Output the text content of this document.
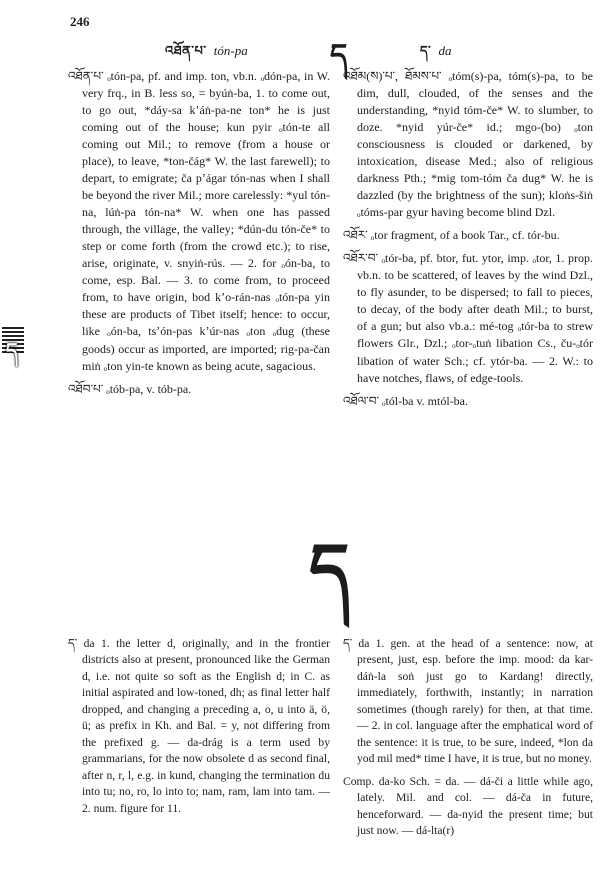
246
འཐོན་པ་ tón-pa	ད	ད་ da
ད

འཐོན་པ་ ₒtón-pa, pf. and imp. ton, vb.n. ₒdón-pa, in W. very frq., in B. less so, = byúṅ-ba, 1. to come out, to go out, *dáy-sa kʼáṅ-pa-ne ton* he is just coming out of the house; kun pyir ₒtón-te all coming out Mil.; to remove (from a house or place), to leave, *ton-čág* W. the last farewell); to depart, to emigrate; ča pʼágar tón-nas when I shall be beyond the river Mil.; more carelessly: *yul tón-na, lúṅ-pa tón-na* W. when one has passed through, the village, the valley; *dún-du tón-če* to step or come forth (from the crowd etc.); to rise, arise, originate, v. snyiṅ-rús. — 2. for ₒón-ba, to come, esp. Bal. — 3. to come from, to proceed from, to have origin, bod kʼo-rán-nas ₒtón-pa yin these are products of Tibet itself; hence: to occur, like ₒón-ba, tsʼón-pas kʼúr-nas ₒton ₒdug (these goods) occur as imported, are imported; rig-pa-čan miṅ ₒton yin-te known as being acute, sagacious.

འཐོབ་པ་ ₒtób-pa, v. tób-pa.

འཐོམ(ས)་པ་, ཐོམས་པ་ ₒtóm(s)-pa, tóm(s)-pa, to be dim, dull, clouded, of the senses and the understanding, *nyid tóm-če* W. to slumber, to doze. *nyid yúr-če* id.; mgo-(bo) ₒton consciousness is clouded or darkened, by intoxication, disease Med.; also of religious darkness Pth.; *mig tom-tóm ča dug* W. he is dazzled (by the brightness of the sun); kloṅs-šiṅ ₒtóms-par gyur having become blind Dzl.

འཐོར་ ₒtor fragment, of a book Tar., cf. tór-bu.

འཐོར་བ་ ₒtór-ba, pf. btor, fut. ytor, imp. ₒtor, 1. prop. vb.n. to be scattered, of leaves by the wind Dzl., to fly asunder, to be dispersed; to fall to pieces, to decay, of the body after death Mil.; to burst, of a gun; but also vb.a.: mé-tog ₒtór-ba to strew flowers Glr., Dzl.; ₒtor-ₒtuṅ libation Cs., ču-ₒtór libation of water Sch.; cf. ytór-ba. — 2. W.: to have notches, flaws, of edge-tools.

འཐོལ་བ་ ₒtól-ba v. mtól-ba.

ད

ད་ da 1. the letter d, originally, and in the frontier districts also at present, pronounced like the German d, i.e. not quite so soft as the English d; in C. as initial aspirated and low-toned, dh; as final letter half dropped, and changing a preceding a, o, u into ä, ö, ü; as prefix in Kh. and Bal. = y, not differing from the prefixed g. — da-drág is a term used by grammarians, for the now obsolete d as second final, after n, r, l, e.g. in kund, changing the termination du into tu; no, ro, lo into to; nam, ram, lam into tam. — 2. num. figure for 11.

ད་ da 1. gen. at the head of a sentence: now, at present, just, esp. before the imp. mood: da kar-dáṅ-la soṅ just go to Kardang! directly, immediately, forthwith, instantly; in narration sometimes (though rarely) for then, at that time. — 2. in col. language after the emphatical word of the sentence: it is true, to be sure, indeed, *lon da yod mil med* time I have, it is true, but no money.

Comp. da-ko Sch. = da. — dá-či a little while ago, lately. Mil. and col. — dá-ča in future, henceforward. — da-nyid the present time; but just now. — dá-lta(r)
